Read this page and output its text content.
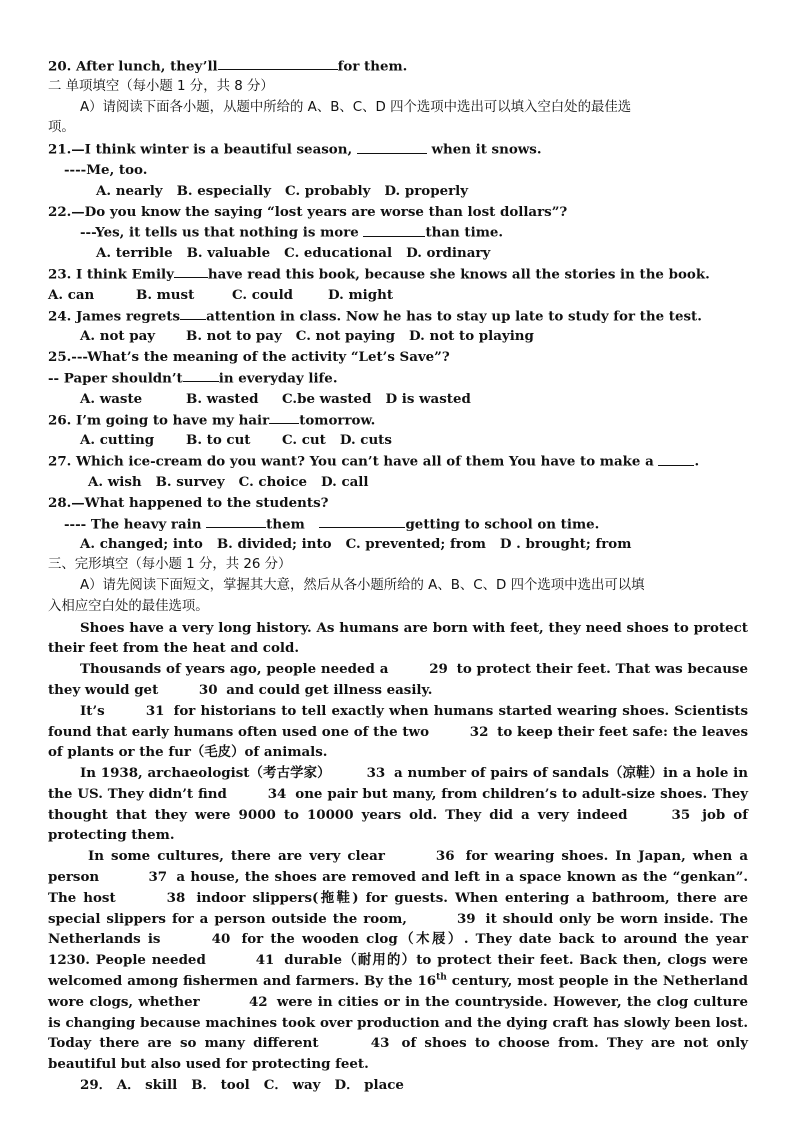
20. After lunch, they’ll	for them.
二 单项填空（每小题 1 分，共 8 分）
A）请阅读下面各小题，从题中所给的 A、B、C、D 四个选项中选出可以填入空白处的最佳选
项。
21.—I think winter is a beautiful season,	when it snows.
----Me, too.
A. nearly B. especially C. probably D. properly
22.—Do you know the saying “lost years are worse than lost dollars”?
---Yes, it tells us that nothing is more	than time.
A. terrible B. valuable C. educational D. ordinary
23. I think Emily	have read this book, because she knows all the stories in the book.
A. can	B. must	C. could	D. might
24. James regrets attention in class. Now he has to stay up late to study for the test.
A. not pay B. not to pay C. not paying D. not to playing
25.---What’s the meaning of the activity “Let’s Save”?
-- Paper shouldn’t	in everyday life.
A. waste	B. wasted C.be wasted D is wasted
26. I’m going to have my hair tomorrow.
A. cutting B. to cut C. cut D. cuts
27. Which ice-cream do you want? You can’t have all of them You have to make a	.
A. wish B. survey C. choice D. call
28.—What happened to the students?
---- The heavy rain	them	getting to school on time.
A. changed; into B. divided; into C. prevented; from D . brought; from
三、完形填空（每小题 1 分，共 26 分）
A）请先阅读下面短文，掌握其大意，然后从各小题所给的 A、B、C、D 四个选项中选出可以填
入相应空白处的最佳选项。
Shoes have a very long history. As humans are born with feet, they need shoes to protect their feet from the heat and cold.
Thousands of years ago, people needed a	29 to protect their feet. That was because they would get	30 and could get illness easily.
It’s	31 for historians to tell exactly when humans started wearing shoes. Scientists found that early humans often used one of the two	32 to keep their feet safe: the leaves of plants or the fur（毛皮）of animals.
In 1938, archaeologist（考古学家）	33 a number of pairs of sandals（凉鞋）in a hole in the US. They didn’t find	34 one pair but many, from children’s to adult-size shoes. They thought that they were 9000 to 10000 years old. They did a very indeed	35 job of protecting them.
In some cultures, there are very clear	36 for wearing shoes. In Japan, when a person	37 a house, the shoes are removed and left in a space known as the “genkan”. The host	38 indoor slippers(拖鞋) for guests. When entering a bathroom, there are special slippers for a person outside the room,	39 it should only be worn inside. The Netherlands is	40 for the wooden clog（木屐）. They date back to around the year 1230. People needed	41 durable（耐用的）to protect their feet. Back then, clogs were welcomed among fishermen and farmers. By the 16th century, most people in the Netherland wore clogs, whether	42 were in cities or in the countryside. However, the clog culture is changing because machines took over production and the dying craft has slowly been lost. Today there are so many different	43 of shoes to choose from. They are not only beautiful but also used for protecting feet.
29． A． skill B． tool C． way D． place
